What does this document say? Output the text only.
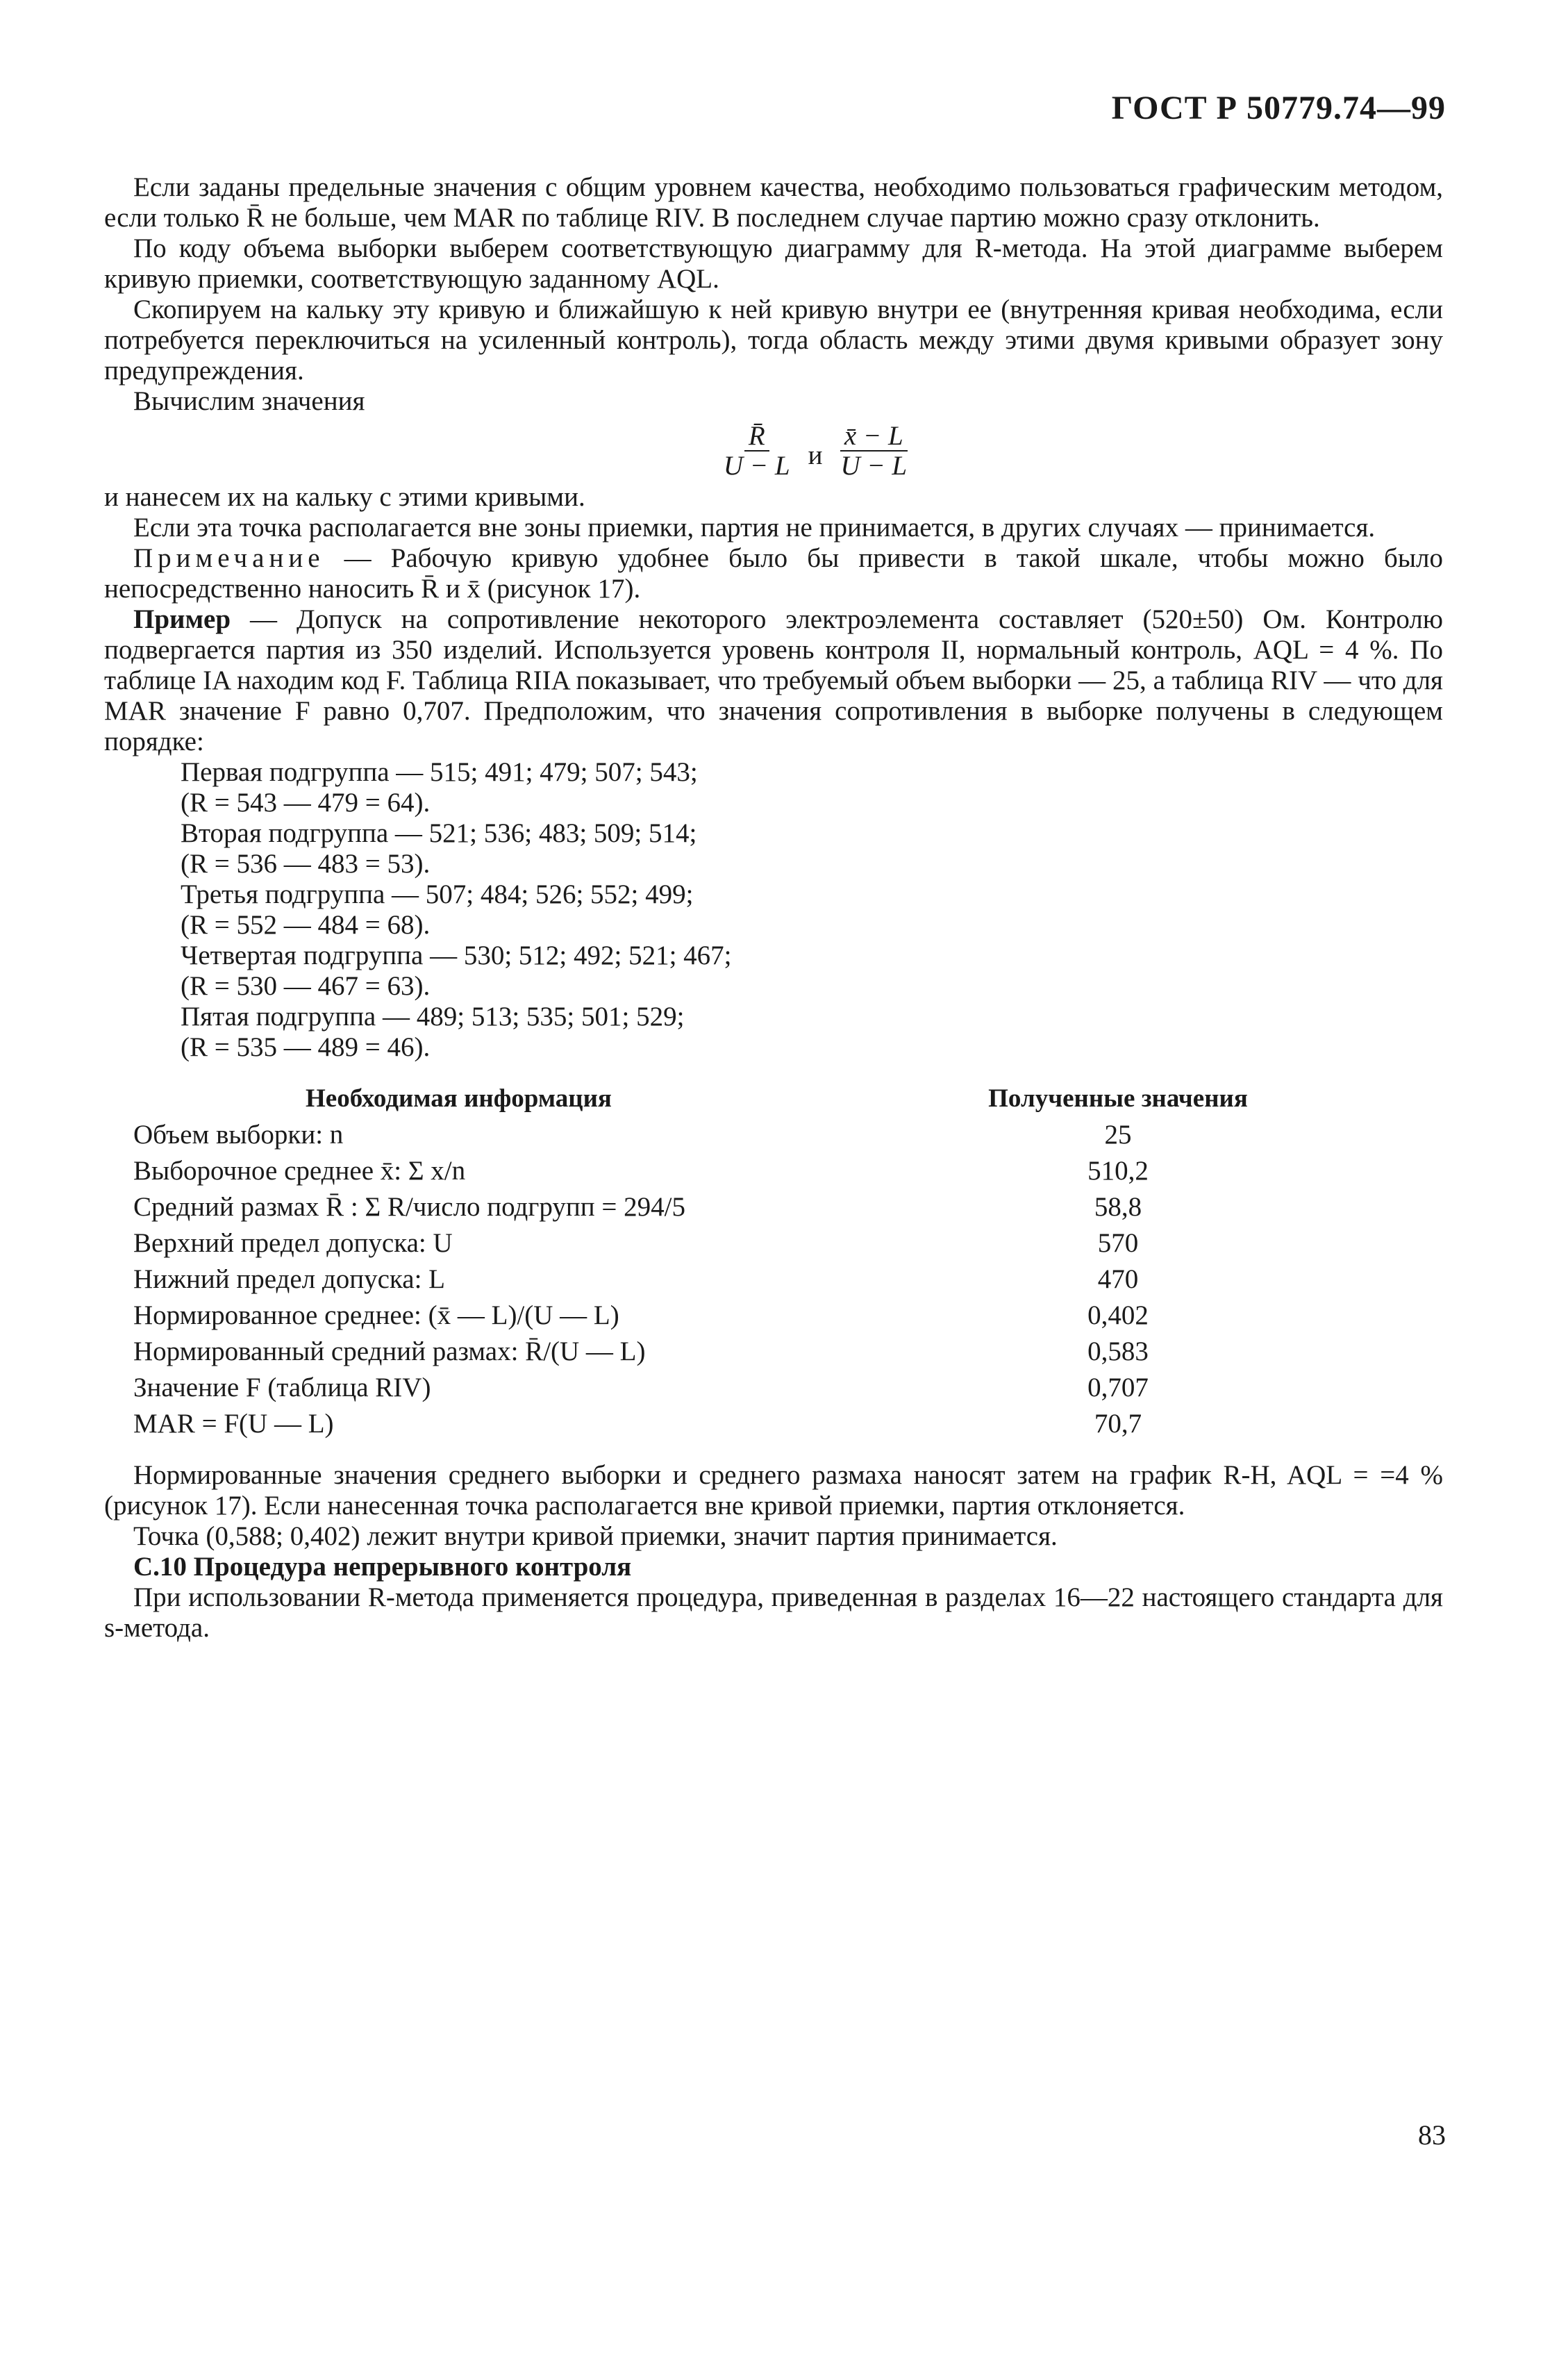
ГОСТ Р 50779.74—99

Если заданы предельные значения с общим уровнем качества, необходимо пользоваться графическим методом, если только R̄ не больше, чем MAR по таблице RIV. В последнем случае партию можно сразу отклонить.

По коду объема выборки выберем соответствующую диаграмму для R-метода. На этой диаграмме выберем кривую приемки, соответствующую заданному AQL.

Скопируем на кальку эту кривую и ближайшую к ней кривую внутри ее (внутренняя кривая необходима, если потребуется переключиться на усиленный контроль), тогда область между этими двумя кривыми образует зону предупреждения.

Вычислим значения

$\frac{R̄}{U - L}$ и $\frac{x̄ - L}{U - L}$

и нанесем их на кальку с этими кривыми.

Если эта точка располагается вне зоны приемки, партия не принимается, в других случаях — принимается.

Примечание — Рабочую кривую удобнее было бы привести в такой шкале, чтобы можно было непосредственно наносить R̄ и x̄ (рисунок 17).

Пример — Допуск на сопротивление некоторого электроэлемента составляет (520±50) Ом. Контролю подвергается партия из 350 изделий. Используется уровень контроля II, нормальный контроль, AQL = 4 %. По таблице IA находим код F. Таблица RIIA показывает, что требуемый объем выборки — 25, а таблица RIV — что для MAR значение F равно 0,707. Предположим, что значения сопротивления в выборке получены в следующем порядке:

Первая подгруппа — 515; 491; 479; 507; 543;
(R = 543 — 479 = 64).
Вторая подгруппа — 521; 536; 483; 509; 514;
(R = 536 — 483 = 53).
Третья подгруппа — 507; 484; 526; 552; 499;
(R = 552 — 484 = 68).
Четвертая подгруппа — 530; 512; 492; 521; 467;
(R = 530 — 467 = 63).
Пятая подгруппа — 489; 513; 535; 501; 529;
(R = 535 — 489 = 46).
Необходимая информация	Полученные значения
Объем выборки: n	25
Выборочное среднее x̄: Σ x/n	510,2
Средний размах R̄ : Σ R/число подгрупп = 294/5	58,8
Верхний предел допуска: U	570
Нижний предел допуска: L	470
Нормированное среднее: (x̄ — L)/(U — L)	0,402
Нормированный средний размах: R̄/(U — L)	0,583
Значение F (таблица RIV)	0,707
MAR = F(U — L)	70,7

Нормированные значения среднего выборки и среднего размаха наносят затем на график R-H, AQL = =4 % (рисунок 17). Если нанесенная точка располагается вне кривой приемки, партия отклоняется.

Точка (0,588; 0,402) лежит внутри кривой приемки, значит партия принимается.

С.10 Процедура непрерывного контроля

При использовании R-метода применяется процедура, приведенная в разделах 16—22 настоящего стандарта для s-метода.

83
